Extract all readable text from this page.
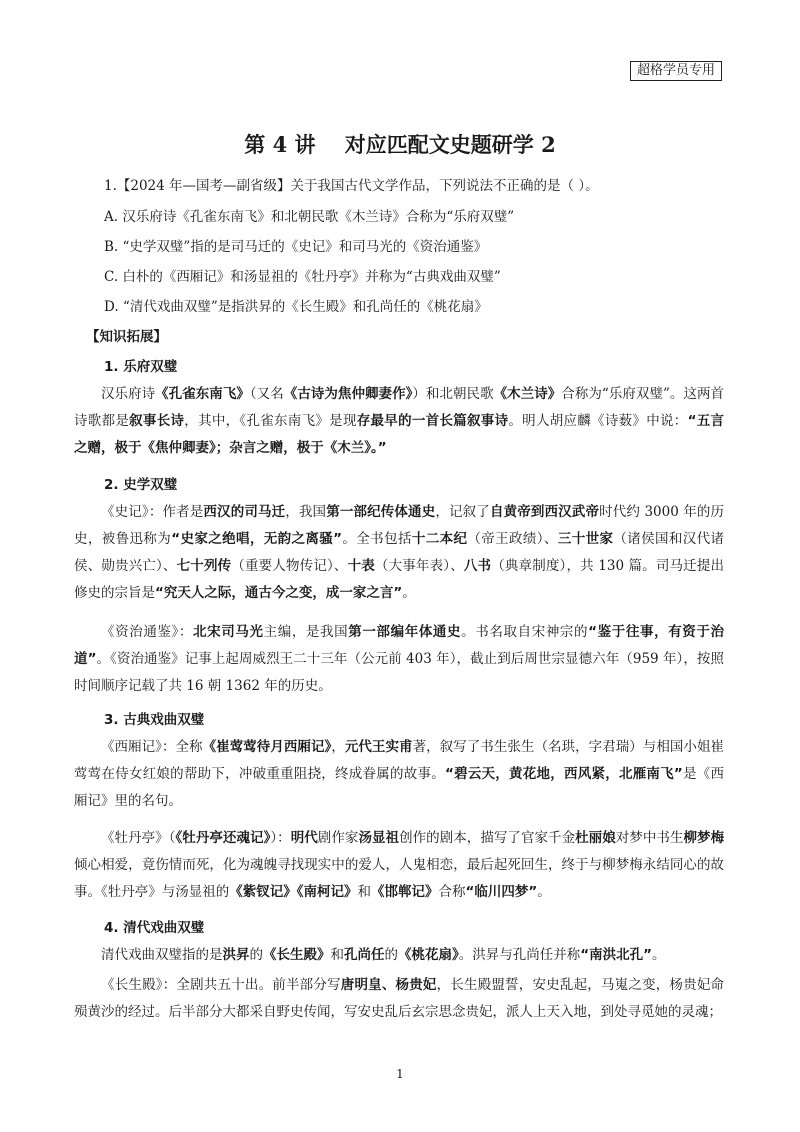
超格学员专用
第 4 讲    对应匹配文史题研学 2
1.【2024 年—国考—副省级】关于我国古代文学作品，下列说法不正确的是（ ）。
A. 汉乐府诗《孔雀东南飞》和北朝民歌《木兰诗》合称为“乐府双璧”
B. “史学双璧”指的是司马迁的《史记》和司马光的《资治通鉴》
C. 白朴的《西厢记》和汤显祖的《牡丹亭》并称为“古典戏曲双璧”
D. “清代戏曲双璧”是指洪昇的《长生殿》和孔尚任的《桃花扇》
【知识拓展】
1. 乐府双璧

汉乐府诗《孔雀东南飞》（又名《古诗为焦仲卿妻作》）和北朝民歌《木兰诗》合称为“乐府双璧”。这两首诗歌都是叙事长诗，其中，《孔雀东南飞》是现存最早的一首长篇叙事诗。明人胡应麟《诗薮》中说：“五言之赠，极于《焦仲卿妻》；杂言之赠，极于《木兰》。”

2. 史学双璧

《史记》：作者是西汉的司马迁，我国第一部纪传体通史，记叙了自黄帝到西汉武帝时代约 3000 年的历史，被鲁迅称为“史家之绝唱，无韵之离骚”。全书包括十二本纪（帝王政绩）、三十世家（诸侯国和汉代诸侯、勋贵兴亡）、七十列传（重要人物传记）、十表（大事年表）、八书（典章制度），共 130 篇。司马迁提出修史的宗旨是“究天人之际，通古今之变，成一家之言”。

《资治通鉴》：北宋司马光主编，是我国第一部编年体通史。书名取自宋神宗的“鉴于往事，有资于治道”。《资治通鉴》记事上起周威烈王二十三年（公元前 403 年），截止到后周世宗显德六年（959 年），按照时间顺序记载了共 16 朝 1362 年的历史。

3. 古典戏曲双璧

《西厢记》：全称《崔莺莺待月西厢记》，元代王实甫著，叙写了书生张生（名珙，字君瑞）与相国小姐崔莺莺在侍女红娘的帮助下，冲破重重阻挠，终成眷属的故事。“碧云天，黄花地，西风紧，北雁南飞”是《西厢记》里的名句。

《牡丹亭》（《牡丹亭还魂记》）：明代剧作家汤显祖创作的剧本，描写了官家千金杜丽娘对梦中书生柳梦梅倾心相爱，竟伤情而死，化为魂魄寻找现实中的爱人，人鬼相恋，最后起死回生，终于与柳梦梅永结同心的故事。《牡丹亭》与汤显祖的《紫钗记》《南柯记》和《邯郸记》合称“临川四梦”。

4. 清代戏曲双璧

清代戏曲双璧指的是洪昇的《长生殿》和孔尚任的《桃花扇》。洪昇与孔尚任并称“南洪北孔”。

《长生殿》：全剧共五十出。前半部分写唐明皇、杨贵妃，长生殿盟誓，安史乱起，马嵬之变，杨贵妃命殒黄沙的经过。后半部分大都采自野史传闻，写安史乱后玄宗思念贵妃，派人上天入地，到处寻觅她的灵魂；

1
